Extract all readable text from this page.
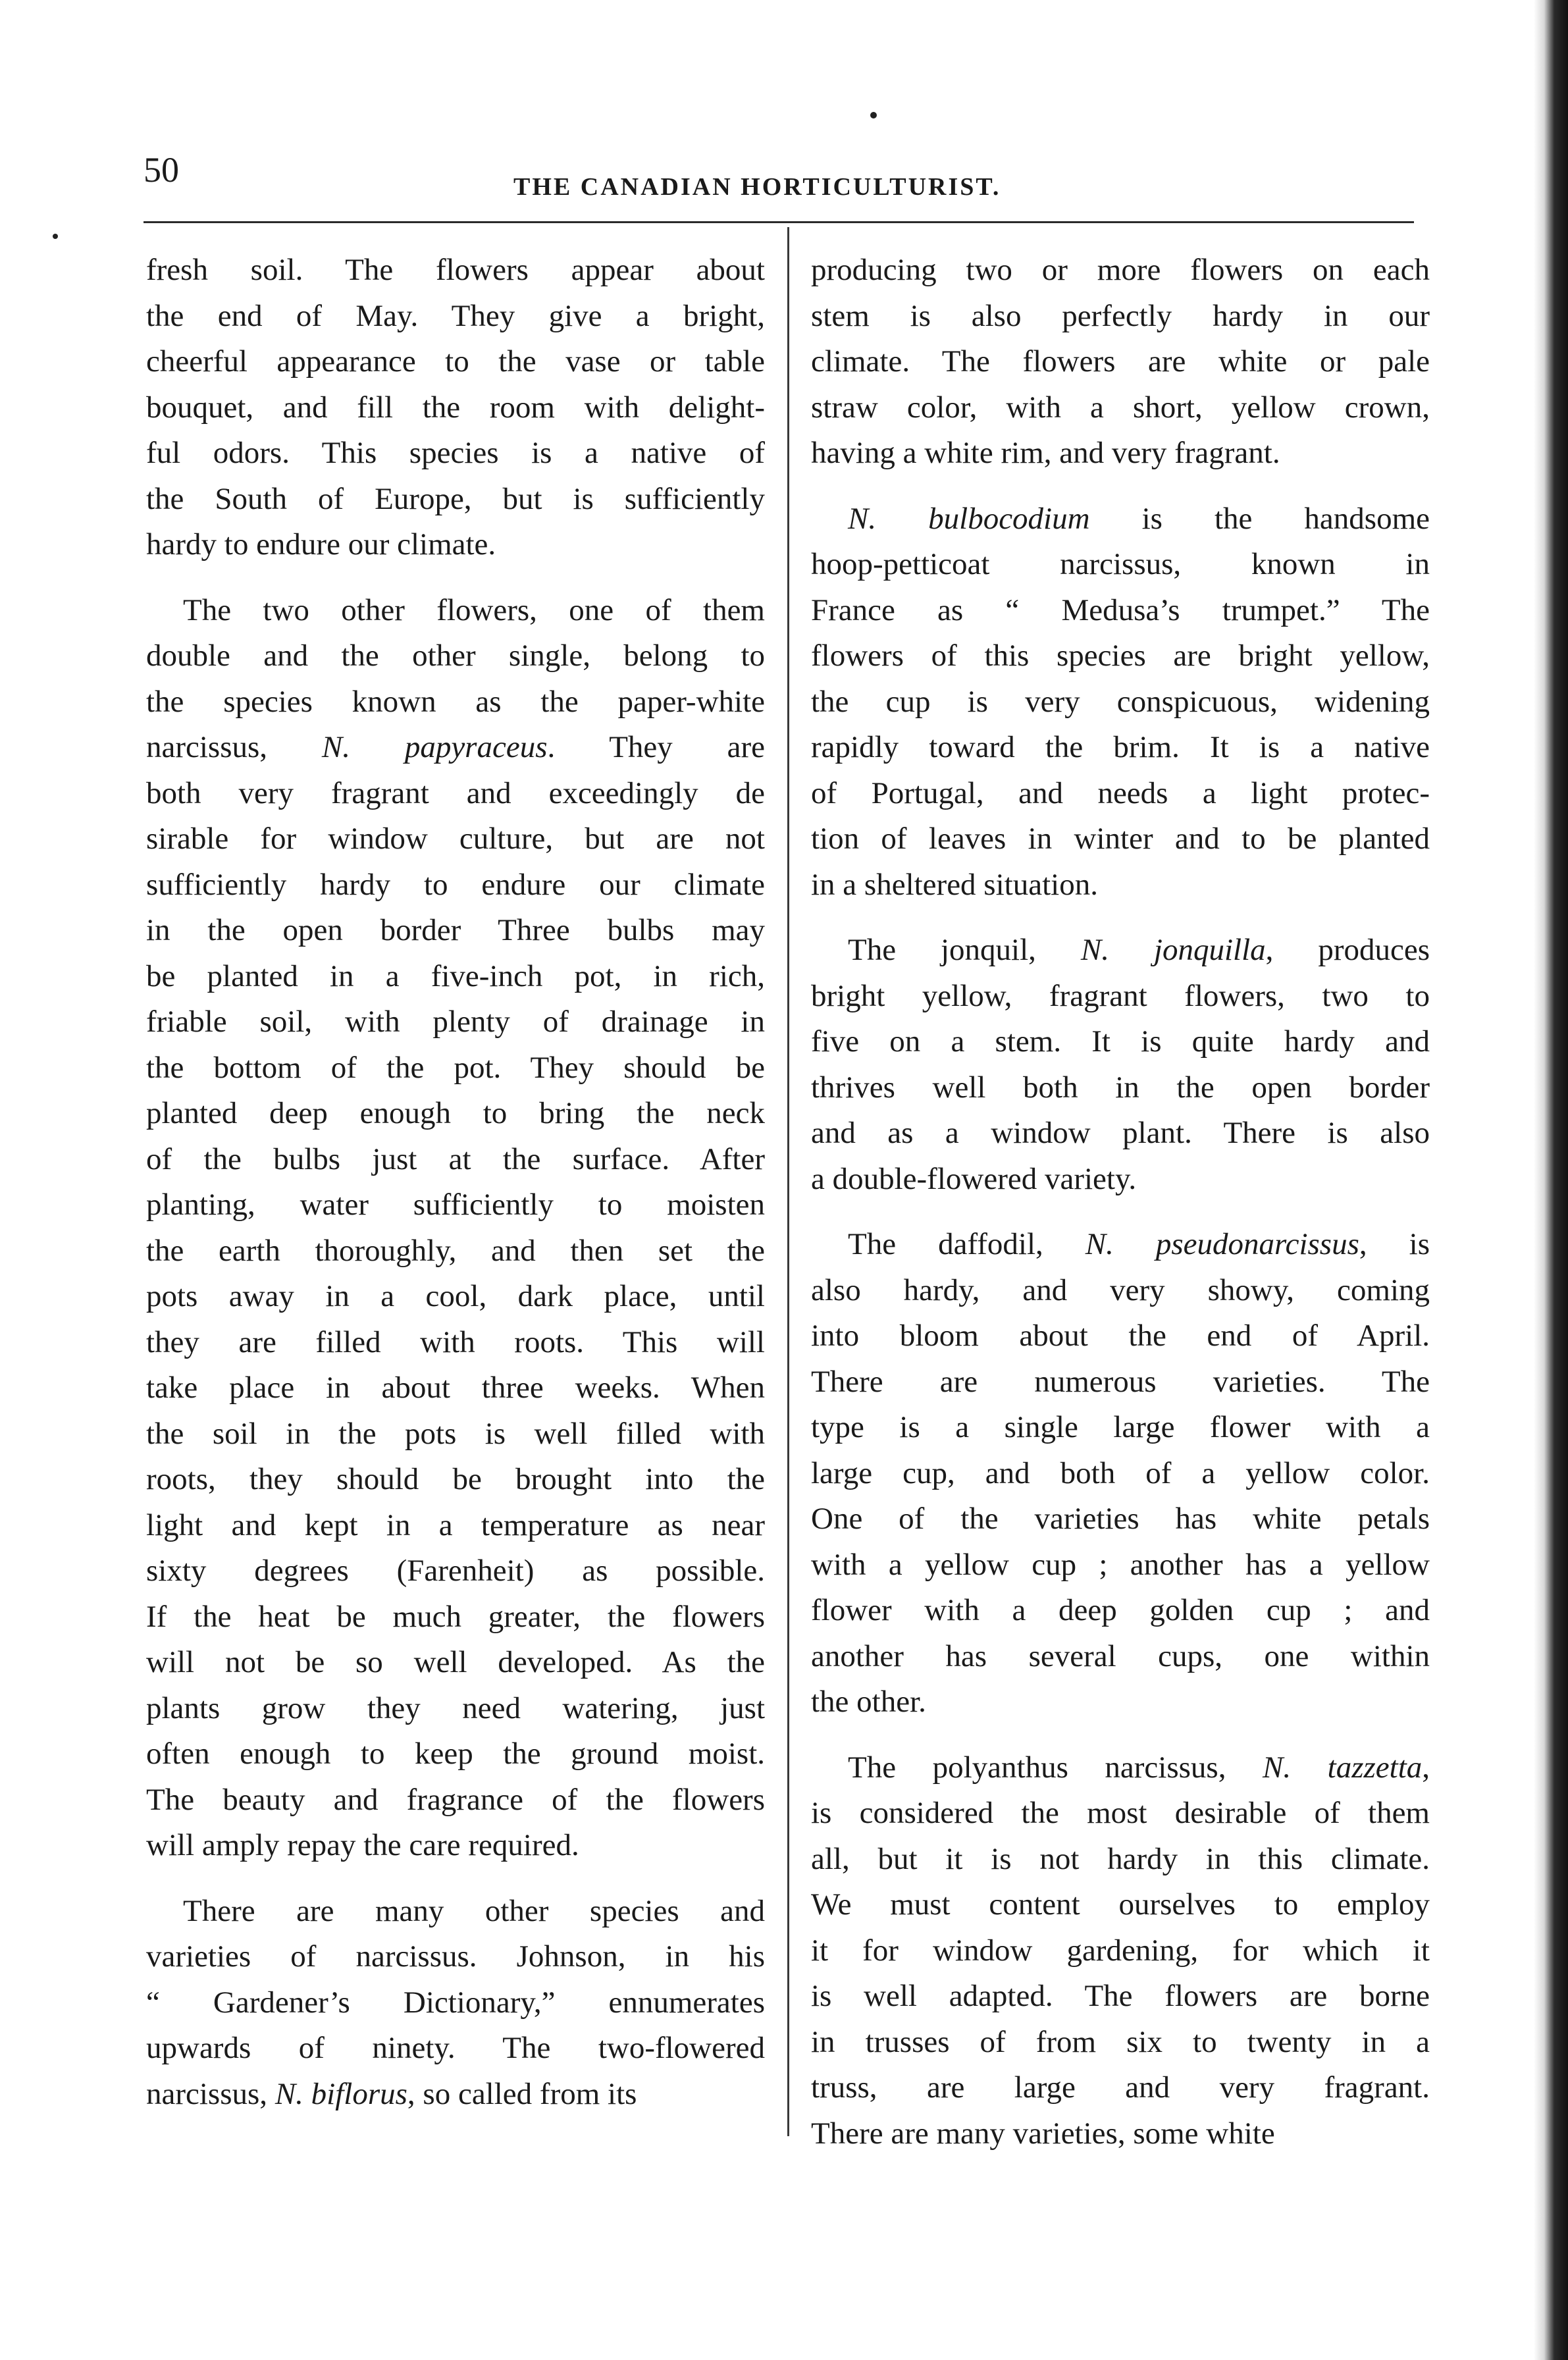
50	THE CANADIAN HORTICULTURIST.
fresh soil. The flowers appear about
the end of May. They give a bright,
cheerful appearance to the vase or table
bouquet, and fill the room with delight-
ful odors. This species is a native of
the South of Europe, but is sufficiently
hardy to endure our climate.
The two other flowers, one of them
double and the other single, belong to
the species known as the paper-white
narcissus, N. papyraceus. They are
both very fragrant and exceedingly de
sirable for window culture, but are not
sufficiently hardy to endure our climate
in the open border Three bulbs may
be planted in a five-inch pot, in rich,
friable soil, with plenty of drainage in
the bottom of the pot. They should be
planted deep enough to bring the neck
of the bulbs just at the surface. After
planting, water sufficiently to moisten
the earth thoroughly, and then set the
pots away in a cool, dark place, until
they are filled with roots. This will
take place in about three weeks. When
the soil in the pots is well filled with
roots, they should be brought into the
light and kept in a temperature as near
sixty degrees (Farenheit) as possible.
If the heat be much greater, the flowers
will not be so well developed. As the
plants grow they need watering, just
often enough to keep the ground moist.
The beauty and fragrance of the flowers
will amply repay the care required.
There are many other species and
varieties of narcissus. Johnson, in his
“ Gardener’s Dictionary,” ennumerates
upwards of ninety. The two-flowered
narcissus, N. biflorus, so called from its
producing two or more flowers on each
stem is also perfectly hardy in our
climate. The flowers are white or pale
straw color, with a short, yellow crown,
having a white rim, and very fragrant.
N. bulbocodium is the handsome
hoop-petticoat narcissus, known in
France as “ Medusa’s trumpet.” The
flowers of this species are bright yellow,
the cup is very conspicuous, widening
rapidly toward the brim. It is a native
of Portugal, and needs a light protec-
tion of leaves in winter and to be planted
in a sheltered situation.
The jonquil, N. jonquilla, produces
bright yellow, fragrant flowers, two to
five on a stem. It is quite hardy and
thrives well both in the open border
and as a window plant. There is also
a double-flowered variety.
The daffodil, N. pseudonarcissus, is
also hardy, and very showy, coming
into bloom about the end of April.
There are numerous varieties. The
type is a single large flower with a
large cup, and both of a yellow color.
One of the varieties has white petals
with a yellow cup ; another has a yellow
flower with a deep golden cup ; and
another has several cups, one within
the other.
The polyanthus narcissus, N. tazzetta,
is considered the most desirable of them
all, but it is not hardy in this climate.
We must content ourselves to employ
it for window gardening, for which it
is well adapted. The flowers are borne
in trusses of from six to twenty in a
truss, are large and very fragrant.
There are many varieties, some white
